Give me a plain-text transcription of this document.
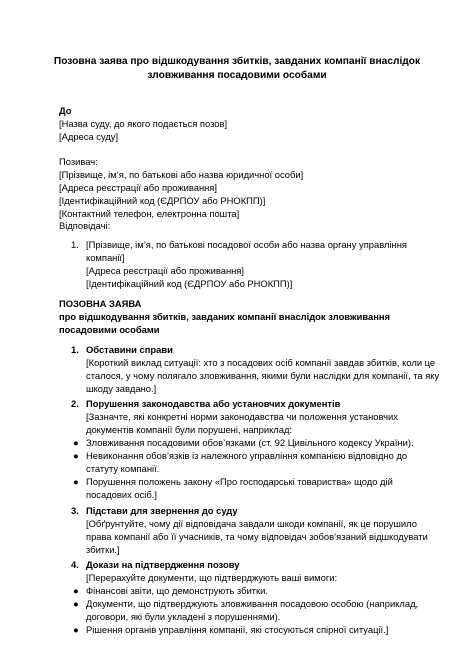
Позовна заява про відшкодування збитків, завданих компанії внаслідок
зловживання посадовими особами
До
[Назва суду, до якого подається позов]
[Адреса суду]
Позивач:
[Прізвище, ім’я, по батькові або назва юридичної особи]
[Адреса реєстрації або проживання]
[Ідентифікаційний код (ЄДРПОУ або РНОКПП)]
[Контактний телефон, електронна пошта]
Відповідачі:
1. [Прізвище, ім’я, по батькові посадової особи або назва органу управління
компанії]
[Адреса реєстрації або проживання]
[Ідентифікаційний код (ЄДРПОУ або РНОКПП)]
ПОЗОВНА ЗАЯВА
про відшкодування збитків, завданих компанії внаслідок зловживання
посадовими особами
1. Обставини справи
[Короткий виклад ситуації: хто з посадових осіб компанії завдав збитків, коли це
сталося, у чому полягало зловживання, якими були наслідки для компанії, та яку
шкоду завдано.]
2. Порушення законодавства або установчих документів
[Зазначте, які конкретні норми законодавства чи положення установчих
документів компанії були порушені, наприклад:
● Зловживання посадовими обов’язками (ст. 92 Цивільного кодексу України).
● Невиконання обов’язків із належного управління компанією відповідно до
статуту компанії.
● Порушення положень закону «Про господарські товариства» щодо дій
посадових осіб.]
3. Підстави для звернення до суду
[Обґрунтуйте, чому дії відповідача завдали шкоди компанії, як це порушило
права компанії або її учасників, та чому відповідач зобов’язаний відшкодувати
збитки.]
4. Докази на підтвердження позову
[Перерахуйте документи, що підтверджують ваші вимоги:
● Фінансові звіти, що демонструють збитки.
● Документи, що підтверджують зловживання посадовою особою (наприклад,
договори, які були укладені з порушеннями).
● Рішення органів управління компанії, які стосуються спірної ситуації.]
